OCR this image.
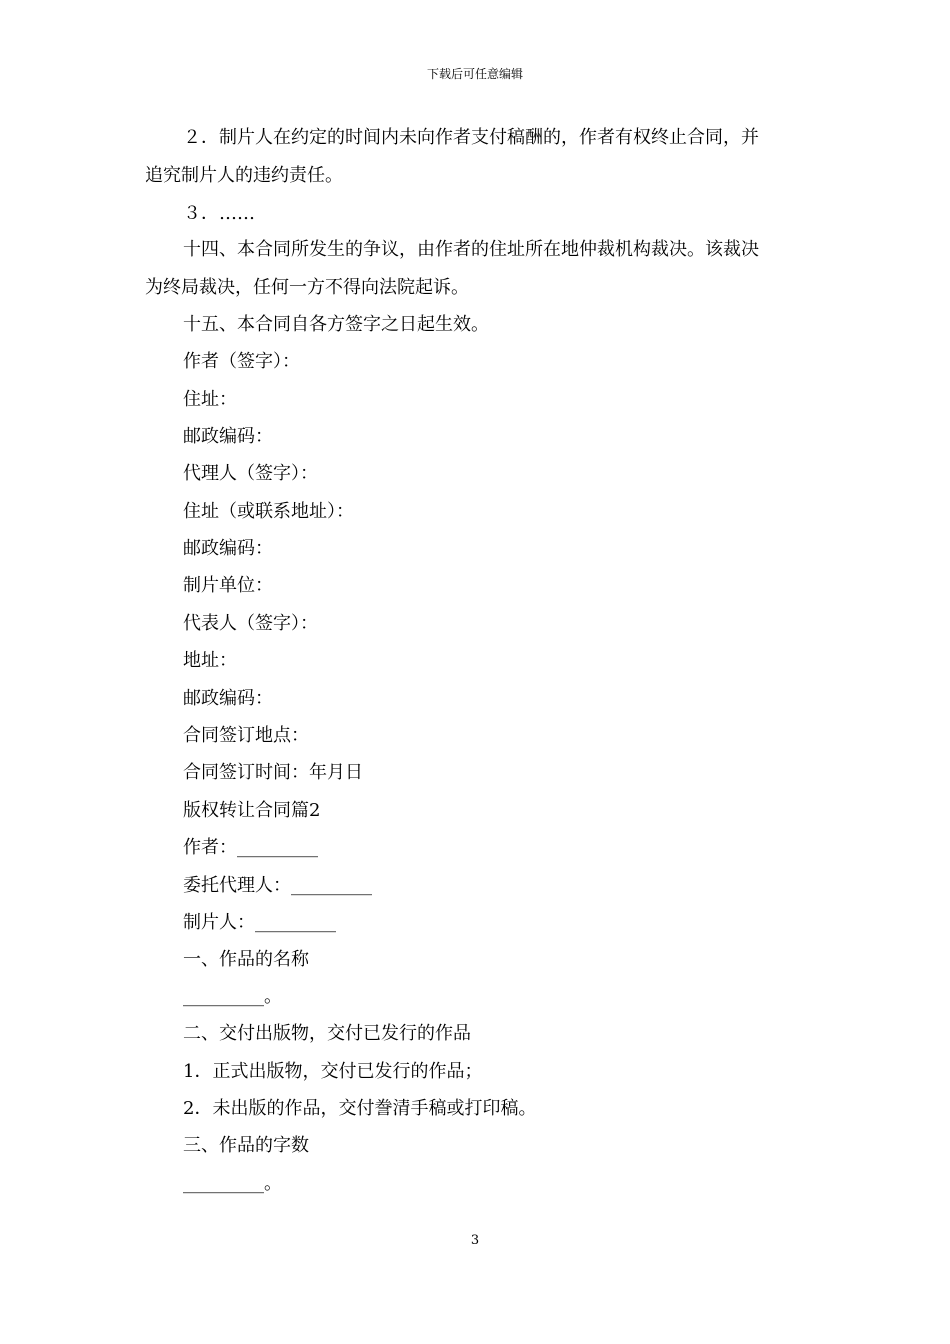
下载后可任意编辑
２．制片人在约定的时间内未向作者支付稿酬的，作者有权终止合同，并
追究制片人的违约责任。
３．……
十四、本合同所发生的争议，由作者的住址所在地仲裁机构裁决。该裁决
为终局裁决，任何一方不得向法院起诉。
十五、本合同自各方签字之日起生效。
作者（签字）：
住址：
邮政编码：
代理人（签字）：
住址（或联系地址）：
邮政编码：
制片单位：
代表人（签字）：
地址：
邮政编码：
合同签订地点：
合同签订时间：年月日
版权转让合同篇2
作者：_________
委托代理人：_________
制片人：_________
一、作品的名称
_________。
二、交付出版物，交付已发行的作品
1．正式出版物，交付已发行的作品；
2．未出版的作品，交付誊清手稿或打印稿。
三、作品的字数
_________。
3
